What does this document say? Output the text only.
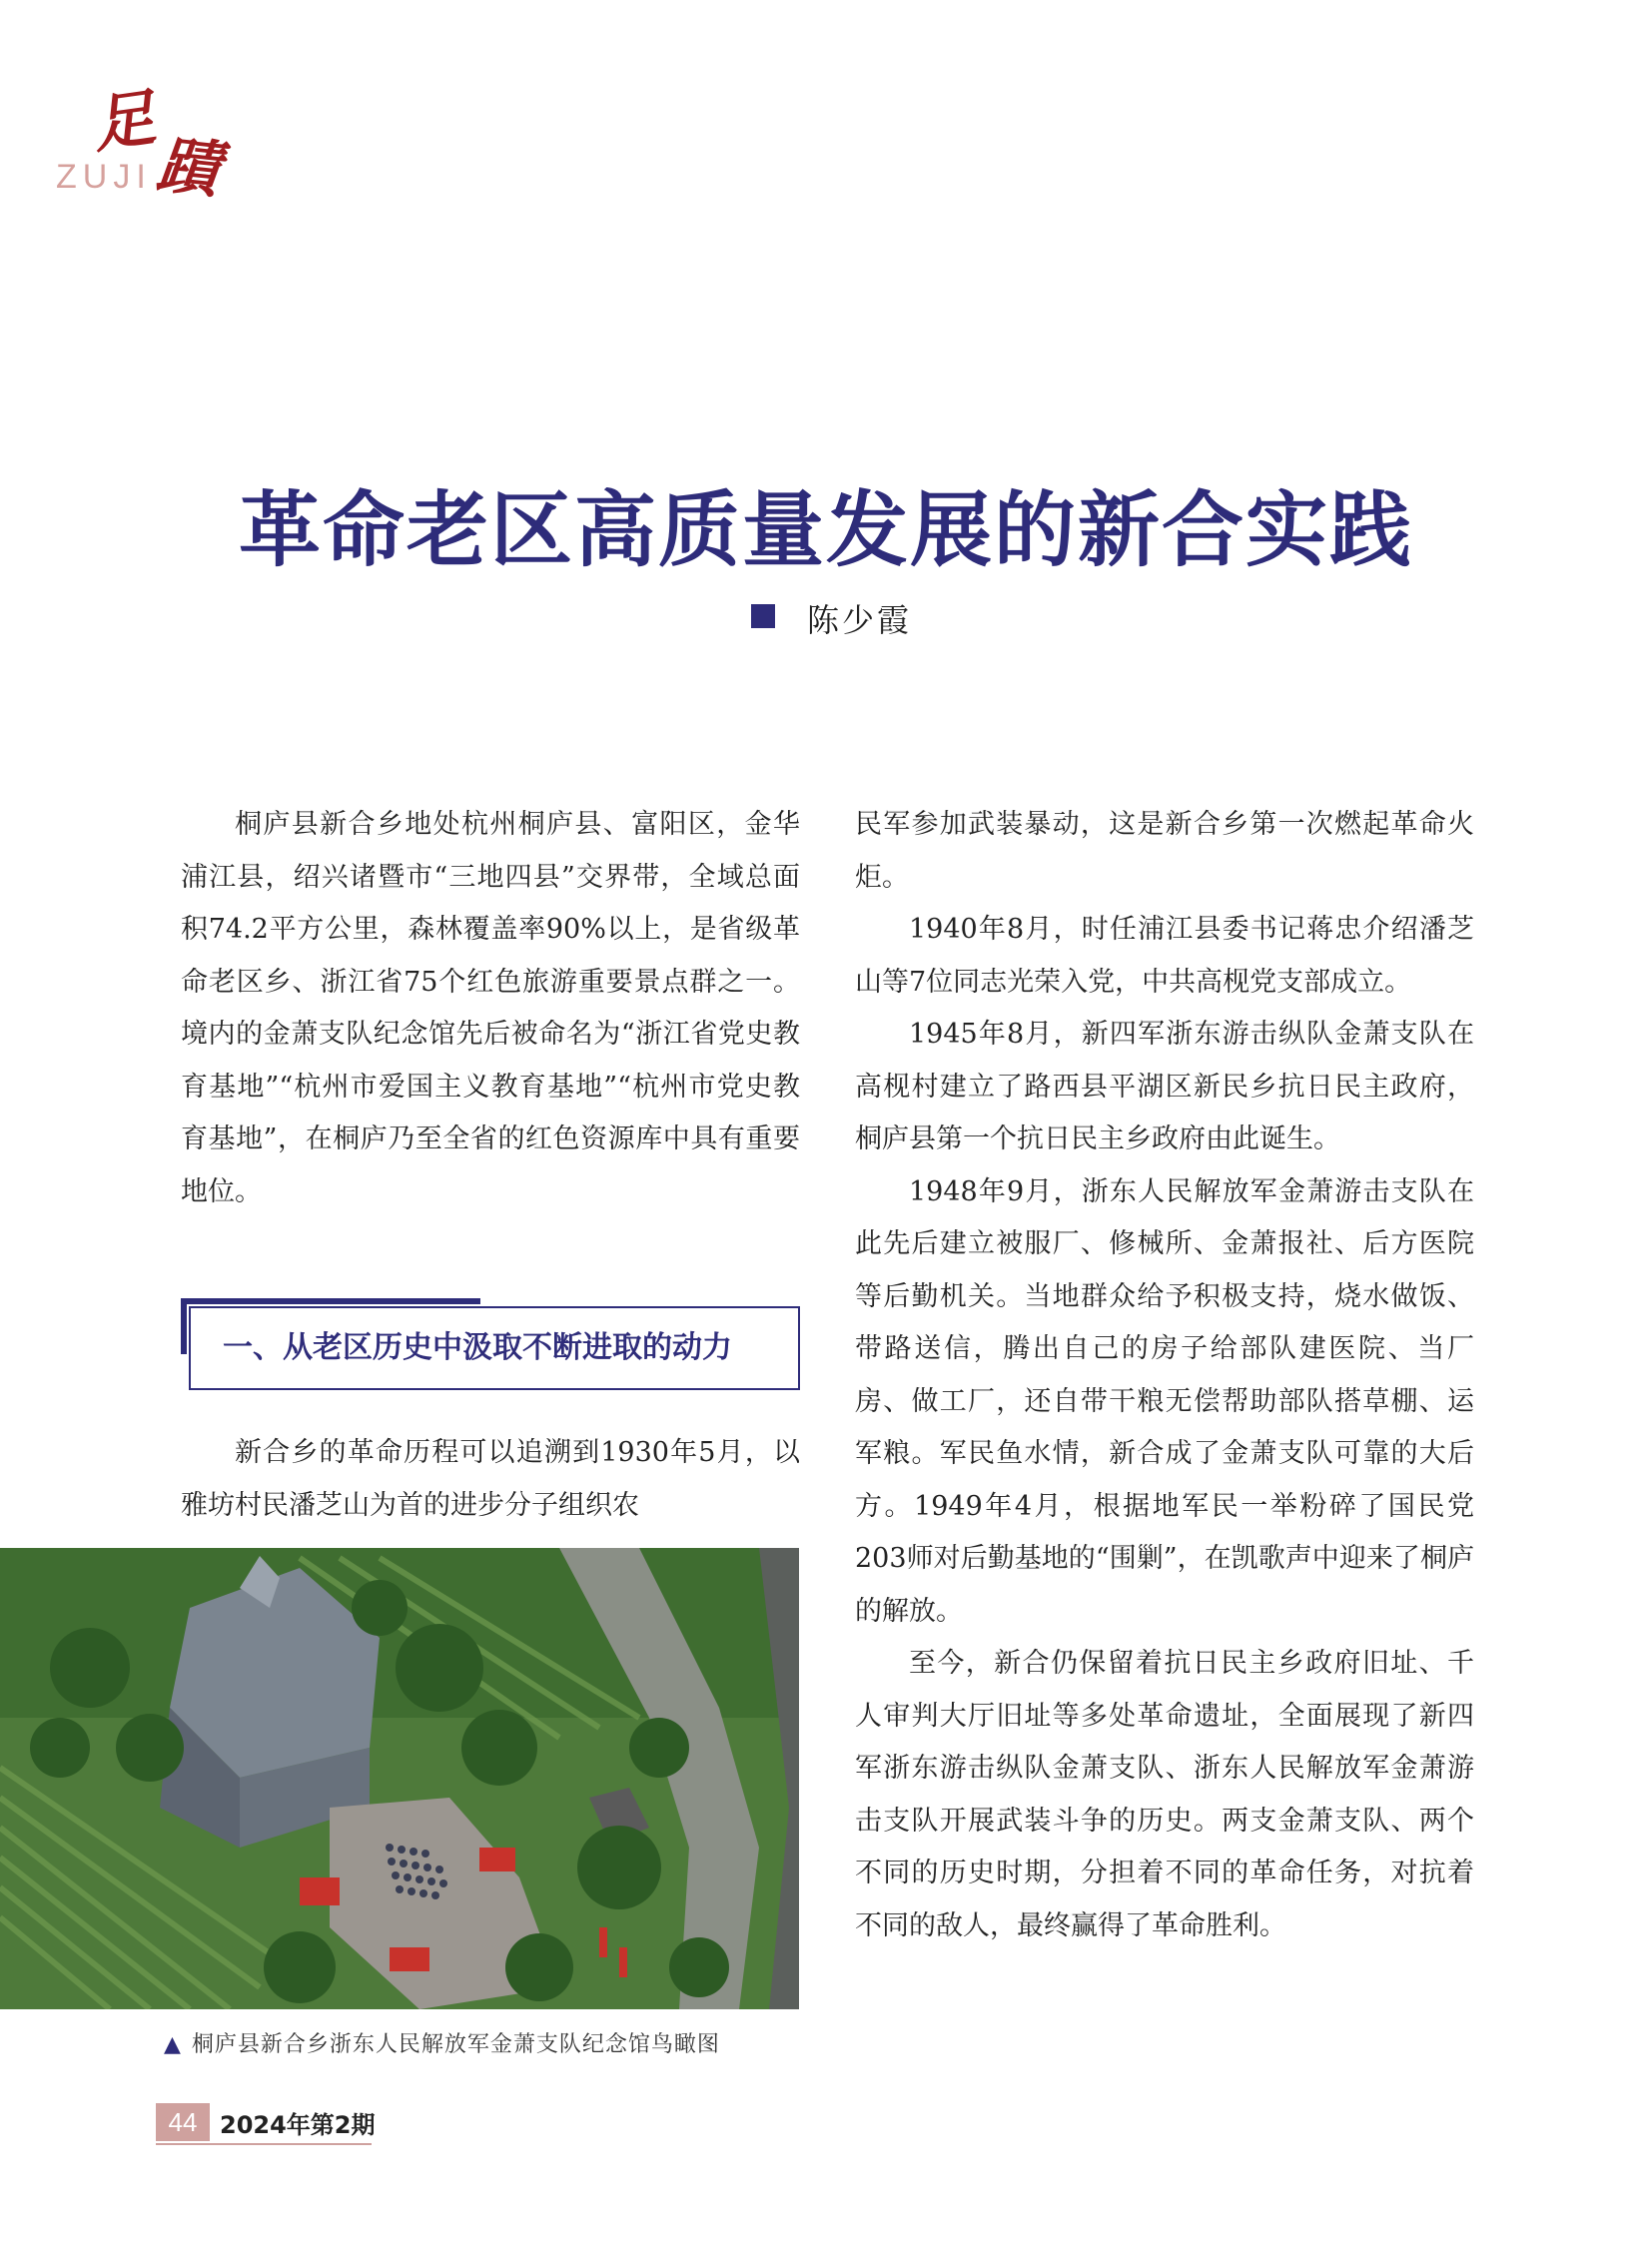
足
蹟
ZUJI
革命老区高质量发展的新合实践
陈少霞

桐庐县新合乡地处杭州桐庐县、富阳区，金华浦江县，绍兴诸暨市“三地四县”交界带，全域总面积74.2平方公里，森林覆盖率90%以上，是省级革命老区乡、浙江省75个红色旅游重要景点群之一。境内的金萧支队纪念馆先后被命名为“浙江省党史教育基地”“杭州市爱国主义教育基地”“杭州市党史教育基地”，在桐庐乃至全省的红色资源库中具有重要地位。

一、从老区历史中汲取不断进取的动力

新合乡的革命历程可以追溯到1930年5月，以雅坊村民潘芝山为首的进步分子组织农

▲ 桐庐县新合乡浙东人民解放军金萧支队纪念馆鸟瞰图

民军参加武装暴动，这是新合乡第一次燃起革命火炬。

1940年8月，时任浦江县委书记蒋忠介绍潘芝山等7位同志光荣入党，中共高枧党支部成立。

1945年8月，新四军浙东游击纵队金萧支队在高枧村建立了路西县平湖区新民乡抗日民主政府，桐庐县第一个抗日民主乡政府由此诞生。

1948年9月，浙东人民解放军金萧游击支队在此先后建立被服厂、修械所、金萧报社、后方医院等后勤机关。当地群众给予积极支持，烧水做饭、带路送信，腾出自己的房子给部队建医院、当厂房、做工厂，还自带干粮无偿帮助部队搭草棚、运军粮。军民鱼水情，新合成了金萧支队可靠的大后方。1949年4月，根据地军民一举粉碎了国民党203师对后勤基地的“围剿”，在凯歌声中迎来了桐庐的解放。

至今，新合仍保留着抗日民主乡政府旧址、千人审判大厅旧址等多处革命遗址，全面展现了新四军浙东游击纵队金萧支队、浙东人民解放军金萧游击支队开展武装斗争的历史。两支金萧支队、两个不同的历史时期，分担着不同的革命任务，对抗着不同的敌人，最终赢得了革命胜利。

44 2024年第2期
